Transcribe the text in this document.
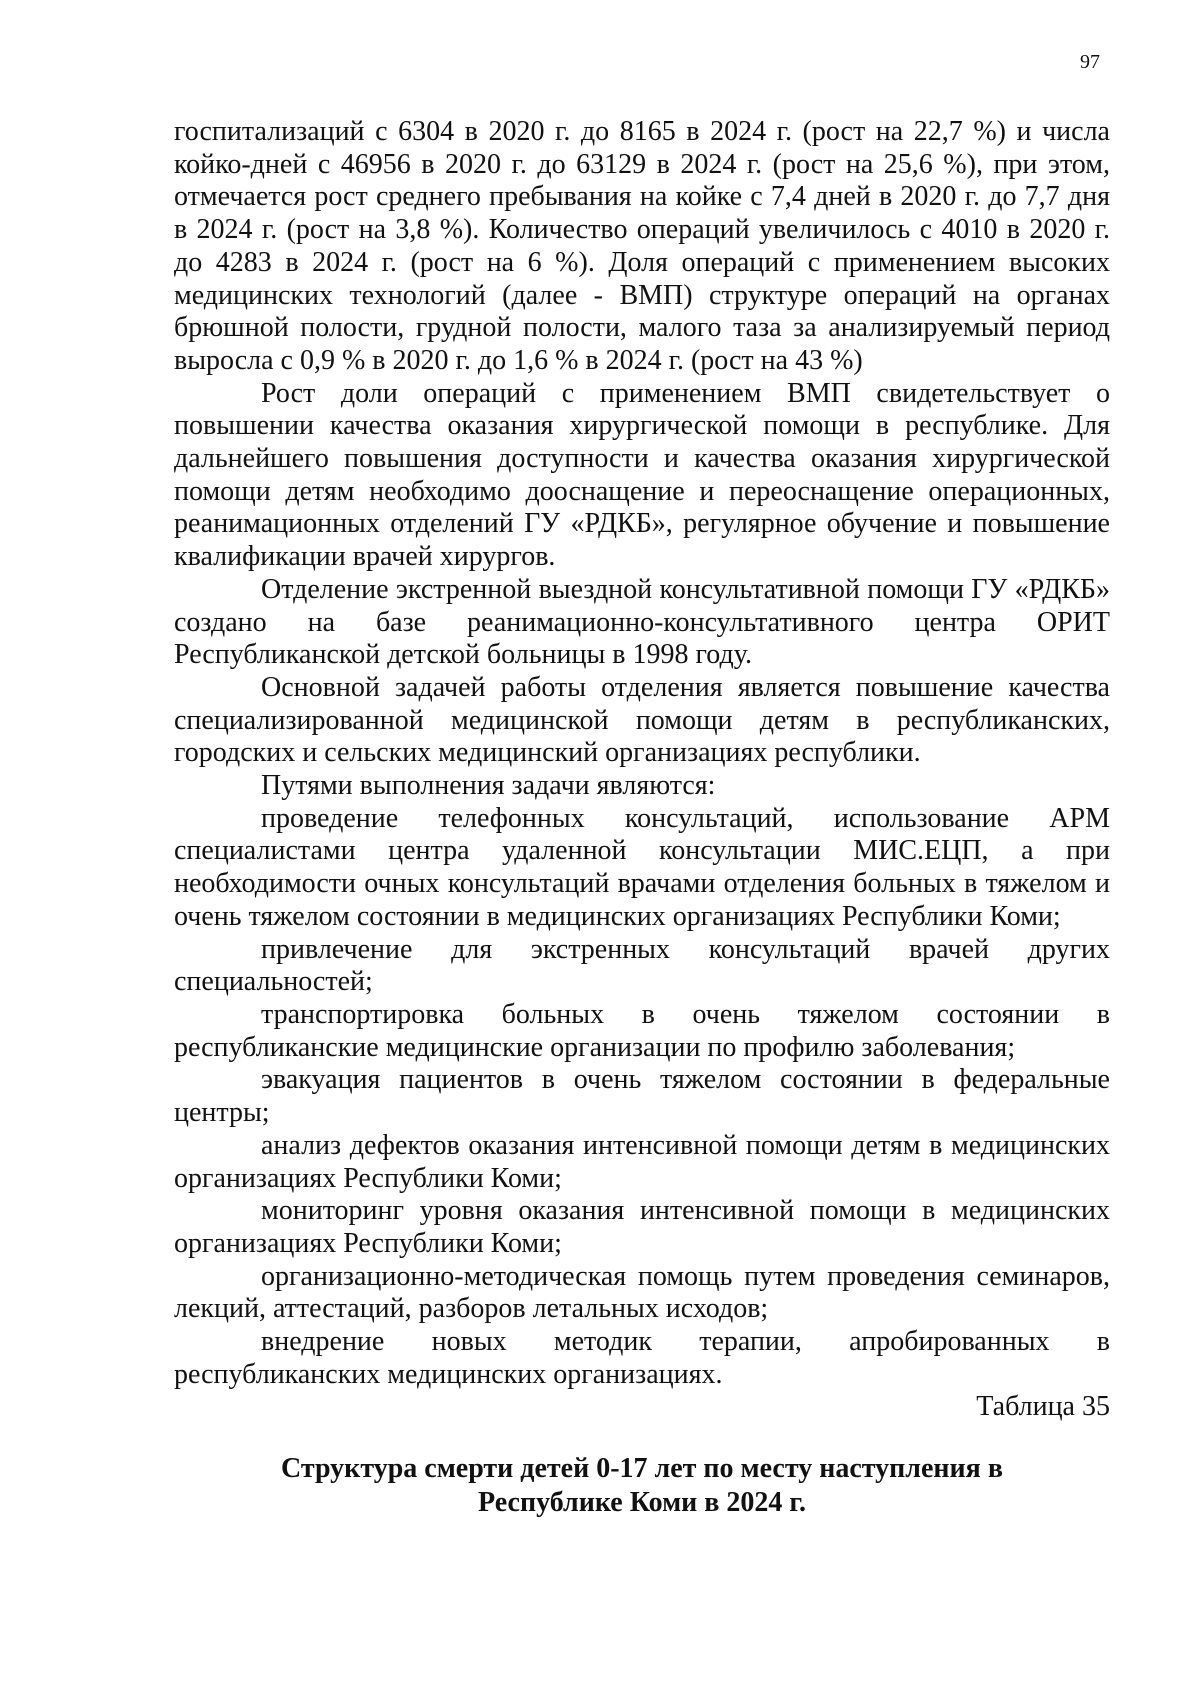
97

госпитализаций с 6304 в 2020 г. до 8165 в 2024 г. (рост на 22,7 %) и числа койко-дней с 46956 в 2020 г. до 63129 в 2024 г. (рост на 25,6 %), при этом, отмечается рост среднего пребывания на койке с 7,4 дней в 2020 г. до 7,7 дня в 2024 г. (рост на 3,8 %). Количество операций увеличилось с 4010 в 2020 г. до 4283 в 2024 г. (рост на 6 %). Доля операций с применением высоких медицинских технологий (далее - ВМП) структуре операций на органах брюшной полости, грудной полости, малого таза за анализируемый период выросла с 0,9 % в 2020 г. до 1,6 % в 2024 г. (рост на 43 %)

Рост доли операций с применением ВМП свидетельствует о повышении качества оказания хирургической помощи в республике. Для дальнейшего повышения доступности и качества оказания хирургической помощи детям необходимо дооснащение и переоснащение операционных, реанимационных отделений ГУ «РДКБ», регулярное обучение и повышение квалификации врачей хирургов.

Отделение экстренной выездной консультативной помощи ГУ «РДКБ» создано на базе реанимационно-консультативного центра ОРИТ Республиканской детской больницы в 1998 году.

Основной задачей работы отделения является повышение качества специализированной медицинской помощи детям в республиканских, городских и сельских медицинский организациях республики.

Путями выполнения задачи являются:

проведение телефонных консультаций, использование АРМ специалистами центра удаленной консультации МИС.ЕЦП, а при необходимости очных консультаций врачами отделения больных в тяжелом и очень тяжелом состоянии в медицинских организациях Республики Коми;

привлечение для экстренных консультаций врачей других специальностей;

транспортировка больных в очень тяжелом состоянии в республиканские медицинские организации по профилю заболевания;

эвакуация пациентов в очень тяжелом состоянии в федеральные центры;

анализ дефектов оказания интенсивной помощи детям в медицинских организациях Республики Коми;

мониторинг уровня оказания интенсивной помощи в медицинских организациях Республики Коми;

организационно-методическая помощь путем проведения семинаров, лекций, аттестаций, разборов летальных исходов;

внедрение новых методик терапии, апробированных в республиканских медицинских организациях.

Таблица 35

Структура смерти детей 0-17 лет по месту наступления в
Республике Коми в 2024 г.
